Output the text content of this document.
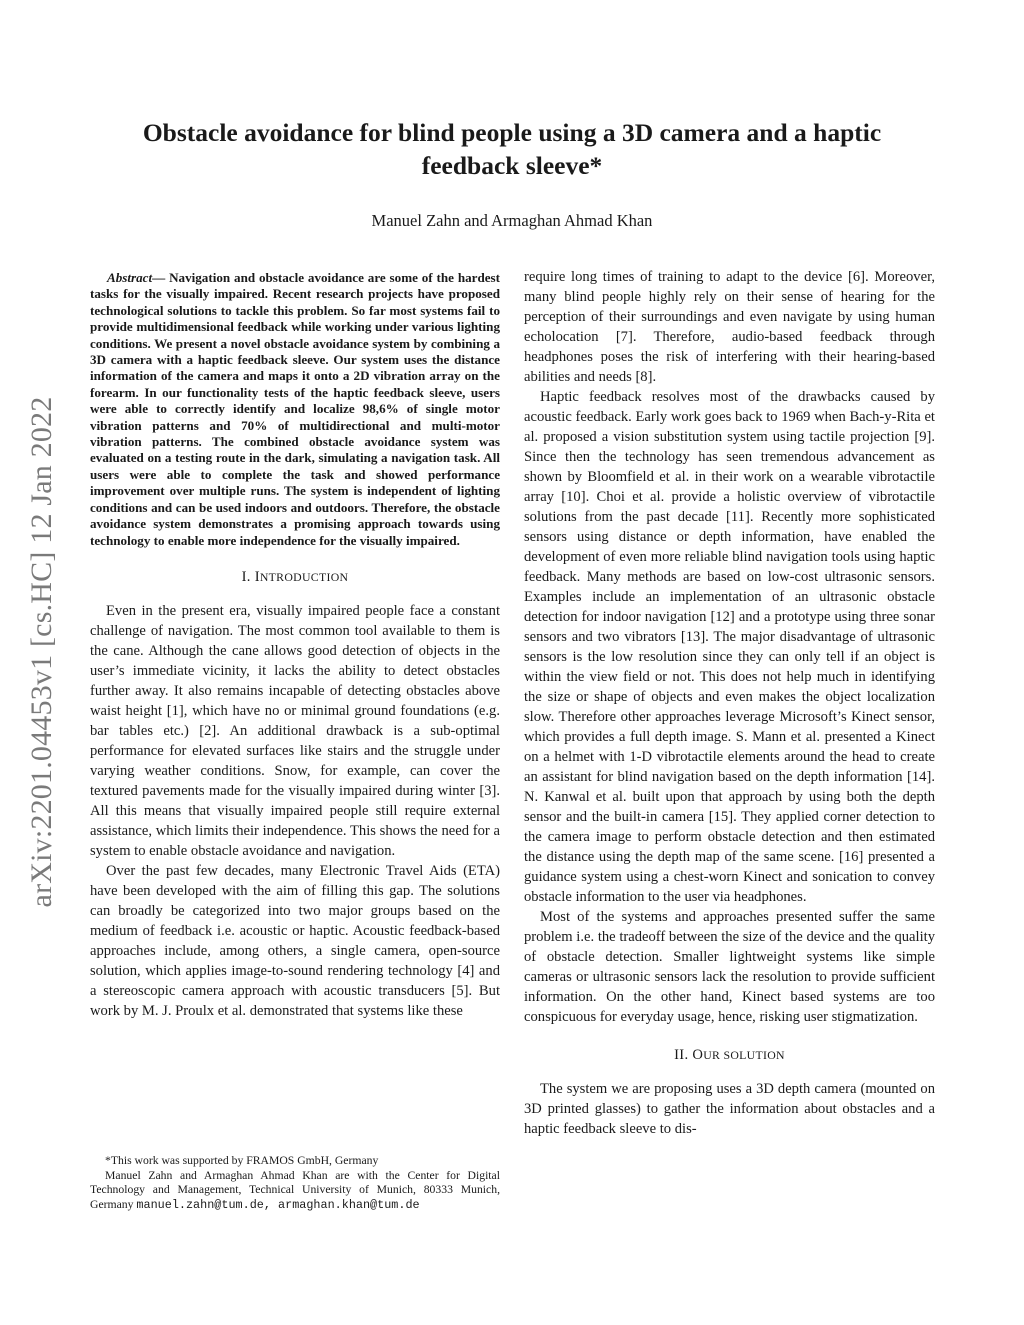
arXiv:2201.04453v1 [cs.HC] 12 Jan 2022
Obstacle avoidance for blind people using a 3D camera and a haptic feedback sleeve*
Manuel Zahn and Armaghan Ahmad Khan

Abstract— Navigation and obstacle avoidance are some of the hardest tasks for the visually impaired. Recent research projects have proposed technological solutions to tackle this problem. So far most systems fail to provide multidimensional feedback while working under various lighting conditions. We present a novel obstacle avoidance system by combining a 3D camera with a haptic feedback sleeve. Our system uses the distance information of the camera and maps it onto a 2D vibration array on the forearm. In our functionality tests of the haptic feedback sleeve, users were able to correctly identify and localize 98,6% of single motor vibration patterns and 70% of multidirectional and multi-motor vibration patterns. The combined obstacle avoidance system was evaluated on a testing route in the dark, simulating a navigation task. All users were able to complete the task and showed performance improvement over multiple runs. The system is independent of lighting conditions and can be used indoors and outdoors. Therefore, the obstacle avoidance system demonstrates a promising approach towards using technology to enable more independence for the visually impaired.

I. INTRODUCTION

Even in the present era, visually impaired people face a constant challenge of navigation. The most common tool available to them is the cane. Although the cane allows good detection of objects in the user’s immediate vicinity, it lacks the ability to detect obstacles further away. It also remains incapable of detecting obstacles above waist height [1], which have no or minimal ground foundations (e.g. bar tables etc.) [2]. An additional drawback is a sub-optimal performance for elevated surfaces like stairs and the struggle under varying weather conditions. Snow, for example, can cover the textured pavements made for the visually impaired during winter [3]. All this means that visually impaired people still require external assistance, which limits their independence. This shows the need for a system to enable obstacle avoidance and navigation.

Over the past few decades, many Electronic Travel Aids (ETA) have been developed with the aim of filling this gap. The solutions can broadly be categorized into two major groups based on the medium of feedback i.e. acoustic or haptic. Acoustic feedback-based approaches include, among others, a single camera, open-source solution, which applies image-to-sound rendering technology [4] and a stereoscopic camera approach with acoustic transducers [5]. But work by M. J. Proulx et al. demonstrated that systems like these

require long times of training to adapt to the device [6]. Moreover, many blind people highly rely on their sense of hearing for the perception of their surroundings and even navigate by using human echolocation [7]. Therefore, audio-based feedback through headphones poses the risk of interfering with their hearing-based abilities and needs [8].

Haptic feedback resolves most of the drawbacks caused by acoustic feedback. Early work goes back to 1969 when Bach-y-Rita et al. proposed a vision substitution system using tactile projection [9]. Since then the technology has seen tremendous advancement as shown by Bloomfield et al. in their work on a wearable vibrotactile array [10]. Choi et al. provide a holistic overview of vibrotactile solutions from the past decade [11]. Recently more sophisticated sensors using distance or depth information, have enabled the development of even more reliable blind navigation tools using haptic feedback. Many methods are based on low-cost ultrasonic sensors. Examples include an implementation of an ultrasonic obstacle detection for indoor navigation [12] and a prototype using three sonar sensors and two vibrators [13]. The major disadvantage of ultrasonic sensors is the low resolution since they can only tell if an object is within the view field or not. This does not help much in identifying the size or shape of objects and even makes the object localization slow. Therefore other approaches leverage Microsoft’s Kinect sensor, which provides a full depth image. S. Mann et al. presented a Kinect on a helmet with 1-D vibrotactile elements around the head to create an assistant for blind navigation based on the depth information [14]. N. Kanwal et al. built upon that approach by using both the depth sensor and the built-in camera [15]. They applied corner detection to the camera image to perform obstacle detection and then estimated the distance using the depth map of the same scene. [16] presented a guidance system using a chest-worn Kinect and sonication to convey obstacle information to the user via headphones.

Most of the systems and approaches presented suffer the same problem i.e. the tradeoff between the size of the device and the quality of obstacle detection. Smaller lightweight systems like simple cameras or ultrasonic sensors lack the resolution to provide sufficient information. On the other hand, Kinect based systems are too conspicuous for everyday usage, hence, risking user stigmatization.

II. OUR SOLUTION

The system we are proposing uses a 3D depth camera (mounted on 3D printed glasses) to gather the information about obstacles and a haptic feedback sleeve to dis-

*This work was supported by FRAMOS GmbH, Germany

Manuel Zahn and Armaghan Ahmad Khan are with the Center for Digital Technology and Management, Technical University of Munich, 80333 Munich, Germany manuel.zahn@tum.de, armaghan.khan@tum.de
